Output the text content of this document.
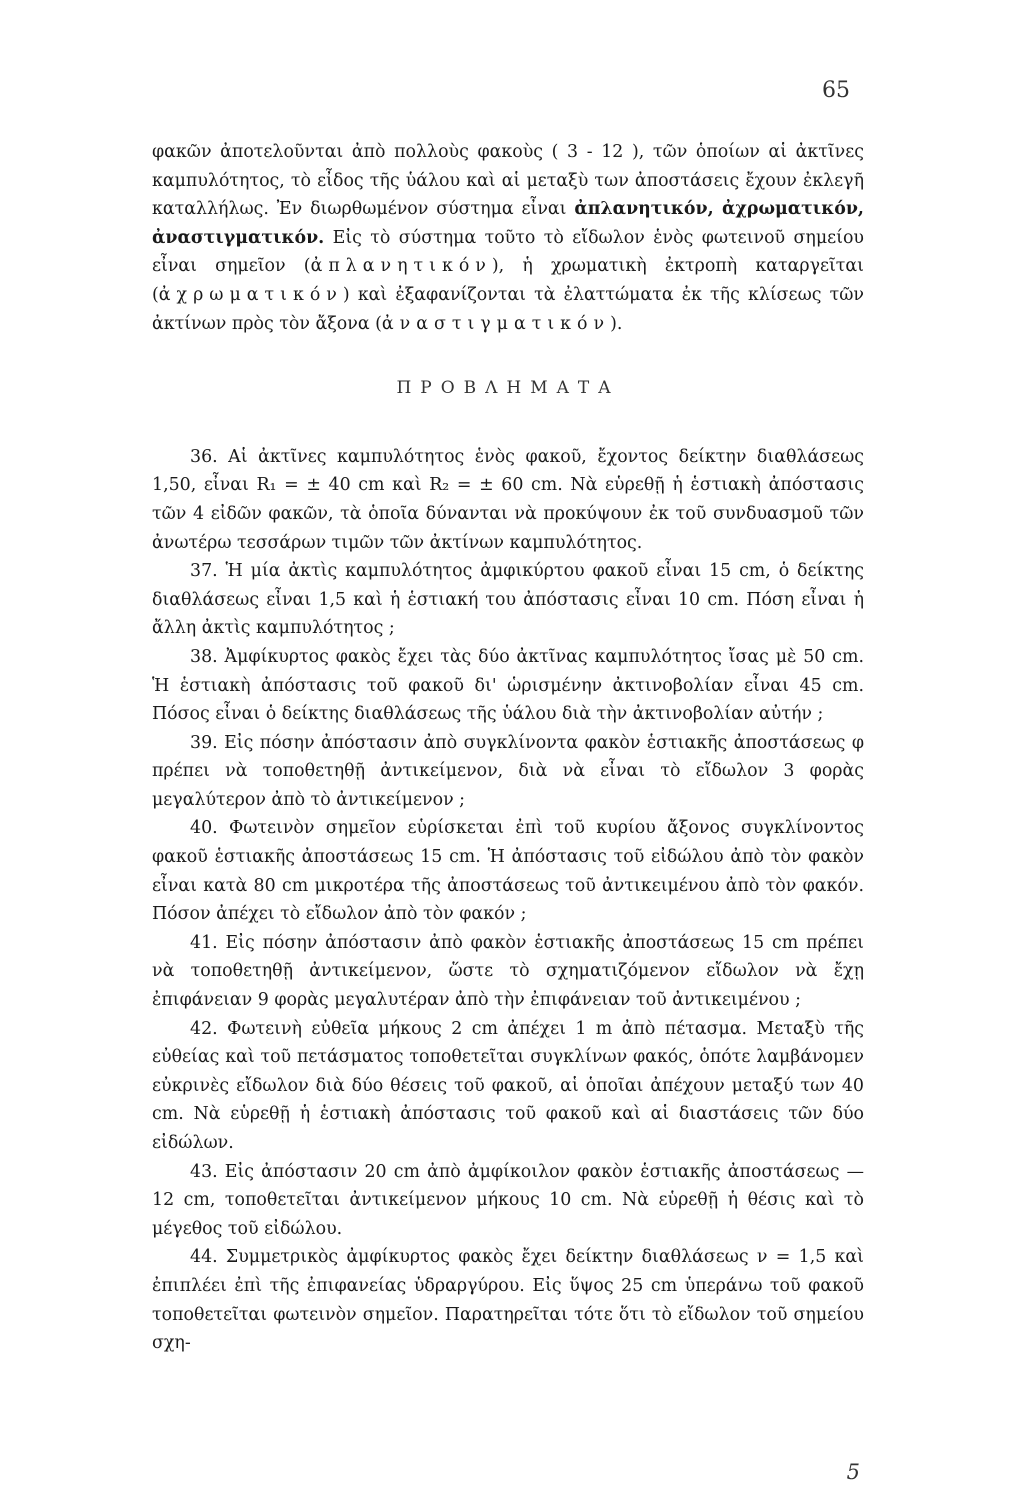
65

φακῶν ἀποτελοῦνται ἀπὸ πολλοὺς φακοὺς ( 3 - 12 ), τῶν ὁποίων αἱ ἀκτῖνες καμπυλότητος, τὸ εἶδος τῆς ὑάλου καὶ αἱ μεταξὺ των ἀποστάσεις ἔχουν ἐκλεγῆ καταλλήλως. Ἐν διωρθωμένον σύστημα εἶναι ἀπλανητικόν, ἀχρωματικόν, ἀναστιγματικόν. Εἰς τὸ σύστημα τοῦτο τὸ εἴδωλον ἑνὸς φωτεινοῦ σημείου εἶναι σημεῖον (ἀπλανητικόν), ἡ χρωματικὴ ἐκτροπὴ καταργεῖται (ἀχρωματικόν) καὶ ἐξαφανίζονται τὰ ἐλαττώματα ἐκ τῆς κλίσεως τῶν ἀκτίνων πρὸς τὸν ἄξονα (ἀναστιγματικόν).

ΠΡΟΒΛΗΜΑΤΑ

36. Αἱ ἀκτῖνες καμπυλότητος ἑνὸς φακοῦ, ἔχοντος δείκτην διαθλάσεως 1,50, εἶναι R₁ = ± 40 cm καὶ R₂ = ± 60 cm. Νὰ εὑρεθῇ ἡ ἑστιακὴ ἀπόστασις τῶν 4 εἰδῶν φακῶν, τὰ ὁποῖα δύνανται νὰ προκύψουν ἐκ τοῦ συνδυασμοῦ τῶν ἀνωτέρω τεσσάρων τιμῶν τῶν ἀκτίνων καμπυλότητος.

37. Ἡ μία ἀκτὶς καμπυλότητος ἀμφικύρτου φακοῦ εἶναι 15 cm, ὁ δείκτης διαθλάσεως εἶναι 1,5 καὶ ἡ ἑστιακή του ἀπόστασις εἶναι 10 cm. Πόση εἶναι ἡ ἄλλη ἀκτὶς καμπυλότητος ;

38. Ἀμφίκυρτος φακὸς ἔχει τὰς δύο ἀκτῖνας καμπυλότητος ἴσας μὲ 50 cm. Ἡ ἑστιακὴ ἀπόστασις τοῦ φακοῦ δι' ὡρισμένην ἀκτινοβολίαν εἶναι 45 cm. Πόσος εἶναι ὁ δείκτης διαθλάσεως τῆς ὑάλου διὰ τὴν ἀκτινοβολίαν αὐτήν ;

39. Εἰς πόσην ἀπόστασιν ἀπὸ συγκλίνοντα φακὸν ἑστιακῆς ἀποστάσεως φ πρέπει νὰ τοποθετηθῇ ἀντικείμενον, διὰ νὰ εἶναι τὸ εἴδωλον 3 φορὰς μεγαλύτερον ἀπὸ τὸ ἀντικείμενον ;

40. Φωτεινὸν σημεῖον εὑρίσκεται ἐπὶ τοῦ κυρίου ἄξονος συγκλίνοντος φακοῦ ἑστιακῆς ἀποστάσεως 15 cm. Ἡ ἀπόστασις τοῦ εἰδώλου ἀπὸ τὸν φακὸν εἶναι κατὰ 80 cm μικροτέρα τῆς ἀποστάσεως τοῦ ἀντικειμένου ἀπὸ τὸν φακόν. Πόσον ἀπέχει τὸ εἴδωλον ἀπὸ τὸν φακόν ;

41. Εἰς πόσην ἀπόστασιν ἀπὸ φακὸν ἑστιακῆς ἀποστάσεως 15 cm πρέπει νὰ τοποθετηθῇ ἀντικείμενον, ὥστε τὸ σχηματιζόμενον εἴδωλον νὰ ἔχῃ ἐπιφάνειαν 9 φορὰς μεγαλυτέραν ἀπὸ τὴν ἐπιφάνειαν τοῦ ἀντικειμένου ;

42. Φωτεινὴ εὐθεῖα μήκους 2 cm ἀπέχει 1 m ἀπὸ πέτασμα. Μεταξὺ τῆς εὐθείας καὶ τοῦ πετάσματος τοποθετεῖται συγκλίνων φακός, ὁπότε λαμβάνομεν εὐκρινὲς εἴδωλον διὰ δύο θέσεις τοῦ φακοῦ, αἱ ὁποῖαι ἀπέχουν μεταξύ των 40 cm. Νὰ εὑρεθῇ ἡ ἑστιακὴ ἀπόστασις τοῦ φακοῦ καὶ αἱ διαστάσεις τῶν δύο εἰδώλων.

43. Εἰς ἀπόστασιν 20 cm ἀπὸ ἀμφίκοιλον φακὸν ἑστιακῆς ἀποστάσεως —12 cm, τοποθετεῖται ἀντικείμενον μήκους 10 cm. Νὰ εὑρεθῇ ἡ θέσις καὶ τὸ μέγεθος τοῦ εἰδώλου.

44. Συμμετρικὸς ἀμφίκυρτος φακὸς ἔχει δείκτην διαθλάσεως ν = 1,5 καὶ ἐπιπλέει ἐπὶ τῆς ἐπιφανείας ὑδραργύρου. Εἰς ὕψος 25 cm ὑπεράνω τοῦ φακοῦ τοποθετεῖται φωτεινὸν σημεῖον. Παρατηρεῖται τότε ὅτι τὸ εἴδωλον τοῦ σημείου σχη-

5
